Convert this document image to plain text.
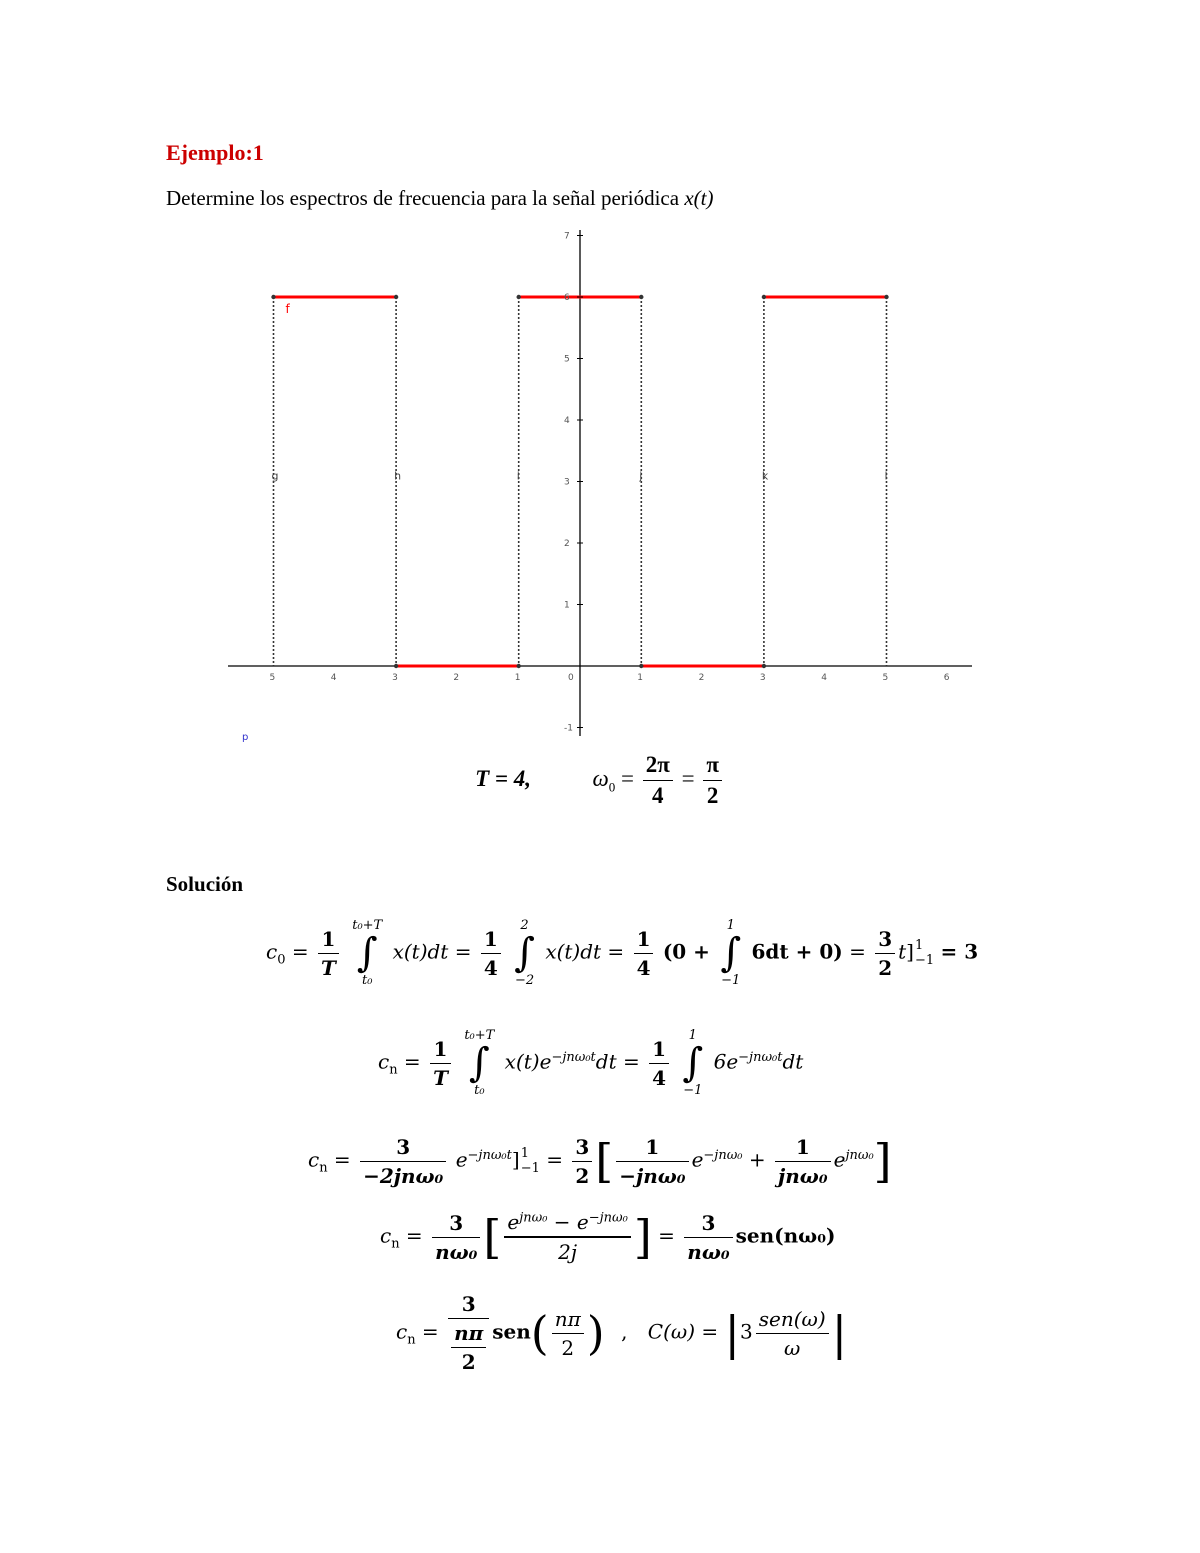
Ejemplo:1
Determine los espectros de frecuencia para la señal periódica x(t)
g	h	i	j	k	l
5	4	3	2	1	0	1	2	3	4	5	6
-1
1
2
3
4
5
6
7
f
p
T = 4,	$\omega_0 = \frac{2\pi}{4} = \frac{\pi}{2}$
Solución
$c_0 = \frac{1}{T}$

t₀+T
∫
t₀
$x(t)dt = \frac{1}{4}$

2
∫
−2
$x(t)dt = \frac{1}{4} (0$ +
1
∫
−1
$6dt + 0) = \frac{3}{2} t$] 1
−1 = 3
$c_n = \frac{1}{T}$

t₀+T
∫
t₀
$x(t)e^{-jn\omega_0t}dt = \frac{1}{4}$

1
∫
−1
$6e^{-jn\omega_0t}dt$
$c_n = \frac{3}{\text{−2jnω₀}} e^{-jn\omega_0t}$] 1
$-1 = \frac{3}{2}$ [ $\frac{1}{\text{−jnω₀}} e^{-jn\omega_0} + \frac{1}{\text{jnω₀}} e^{jn\omega_0}$]
$c_n = \frac{3}{\text{nω₀}}$ [ $\frac{e^{jn\omega_0} - e^{-jn\omega_0}}{2j}$ ] = $\frac{3}{\text{nω₀}} sen(n\omega_0)$
$c_n = \frac{3}{\frac{n\pi}{2}} sen( \frac{n\pi}{2}$ ) , $C(\omega) = |3 \frac{\text{sen(ω)}}{\omega}$ |
